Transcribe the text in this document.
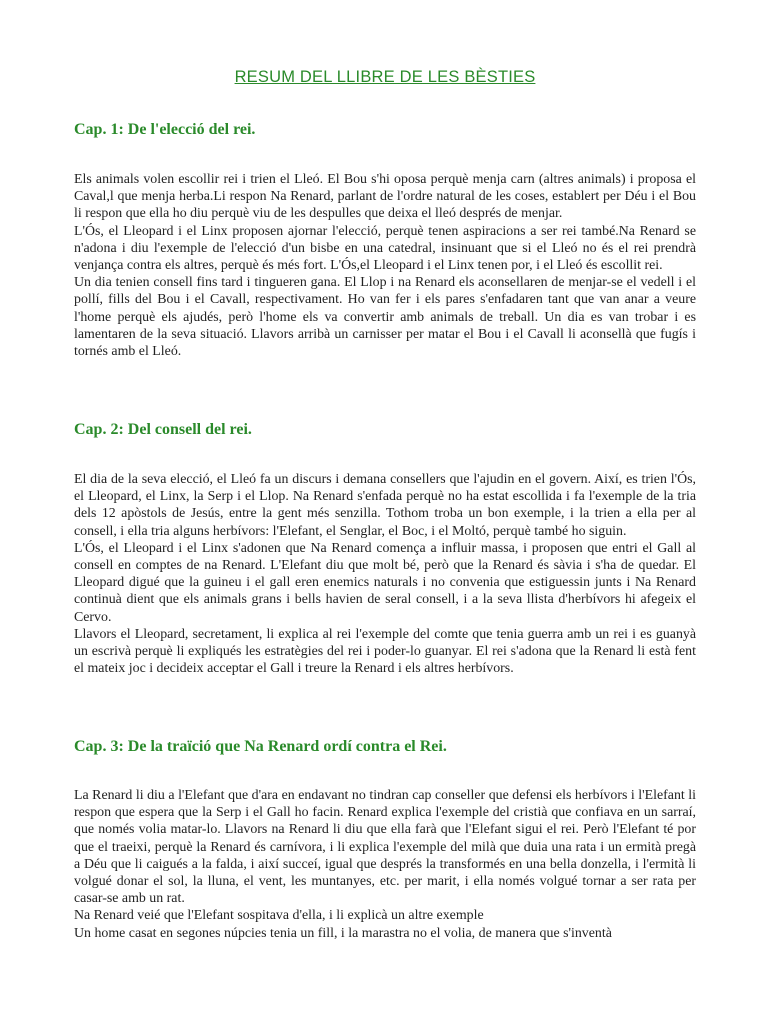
RESUM DEL LLIBRE DE LES BÈSTIES
Cap. 1: De l'elecció del rei.

Els animals volen escollir rei i trien el Lleó. El Bou s'hi oposa perquè menja carn (altres animals) i proposa el Caval,l que menja herba.Li respon Na Renard, parlant de l'ordre natural de les coses, establert per Déu i el Bou li respon que ella ho diu perquè viu de les despulles que deixa el lleó després de menjar.

L'Ós, el Lleopard i el Linx proposen ajornar l'elecció, perquè tenen aspiracions a ser rei també.Na Renard se n'adona i diu l'exemple de l'elecció d'un bisbe en una catedral, insinuant que si el Lleó no és el rei prendrà venjança contra els altres, perquè és més fort. L'Ós,el Lleopard i el Linx tenen por, i el Lleó és escollit rei.

Un dia tenien consell fins tard i tingueren gana. El Llop i na Renard els aconsellaren de menjar-se el vedell i el pollí, fills del Bou i el Cavall, respectivament. Ho van fer i els pares s'enfadaren tant que van anar a veure l'home perquè els ajudés, però l'home els va convertir amb animals de treball. Un dia es van trobar i es lamentaren de la seva situació. Llavors arribà un carnisser per matar el Bou i el Cavall li aconsellà que fugís i tornés amb el Lleó.

Cap. 2: Del consell del rei.

El dia de la seva elecció, el Lleó fa un discurs i demana consellers que l'ajudin en el govern. Així, es trien l'Ós, el Lleopard, el Linx, la Serp i el Llop. Na Renard s'enfada perquè no ha estat escollida i fa l'exemple de la tria dels 12 apòstols de Jesús, entre la gent més senzilla. Tothom troba un bon exemple, i la trien a ella per al consell, i ella tria alguns herbívors: l'Elefant, el Senglar, el Boc, i el Moltó, perquè també ho siguin.

L'Ós, el Lleopard i el Linx s'adonen que Na Renard comença a influir massa, i proposen que entri el Gall al consell en comptes de na Renard. L'Elefant diu que molt bé, però que la Renard és sàvia i s'ha de quedar. El Lleopard digué que la guineu i el gall eren enemics naturals i no convenia que estiguessin junts i Na Renard continuà dient que els animals grans i bells havien de seral consell, i a la seva llista d'herbívors hi afegeix el Cervo.

Llavors el Lleopard, secretament, li explica al rei l'exemple del comte que tenia guerra amb un rei i es guanyà un escrivà perquè li expliqués les estratègies del rei i poder-lo guanyar. El rei s'adona que la Renard li està fent el mateix joc i decideix acceptar el Gall i treure la Renard i els altres herbívors.

Cap. 3: De la traïció que Na Renard ordí contra el Rei.

La Renard li diu a l'Elefant que d'ara en endavant no tindran cap conseller que defensi els herbívors i l'Elefant li respon que espera que la Serp i el Gall ho facin. Renard explica l'exemple del cristià que confiava en un sarraí, que només volia matar-lo. Llavors na Renard li diu que ella farà que l'Elefant sigui el rei. Però l'Elefant té por que el traeixi, perquè la Renard és carnívora, i li explica l'exemple del milà que duia una rata i un ermità pregà a Déu que li caigués a la falda, i així succeí, igual que després la transformés en una bella donzella, i l'ermità li volgué donar el sol, la lluna, el vent, les muntanyes, etc. per marit, i ella només volgué tornar a ser rata per casar-se amb un rat.

Na Renard veié que l'Elefant sospitava d'ella, i li explicà un altre exemple

Un home casat en segones núpcies tenia un fill, i la marastra no el volia, de manera que s'inventà
